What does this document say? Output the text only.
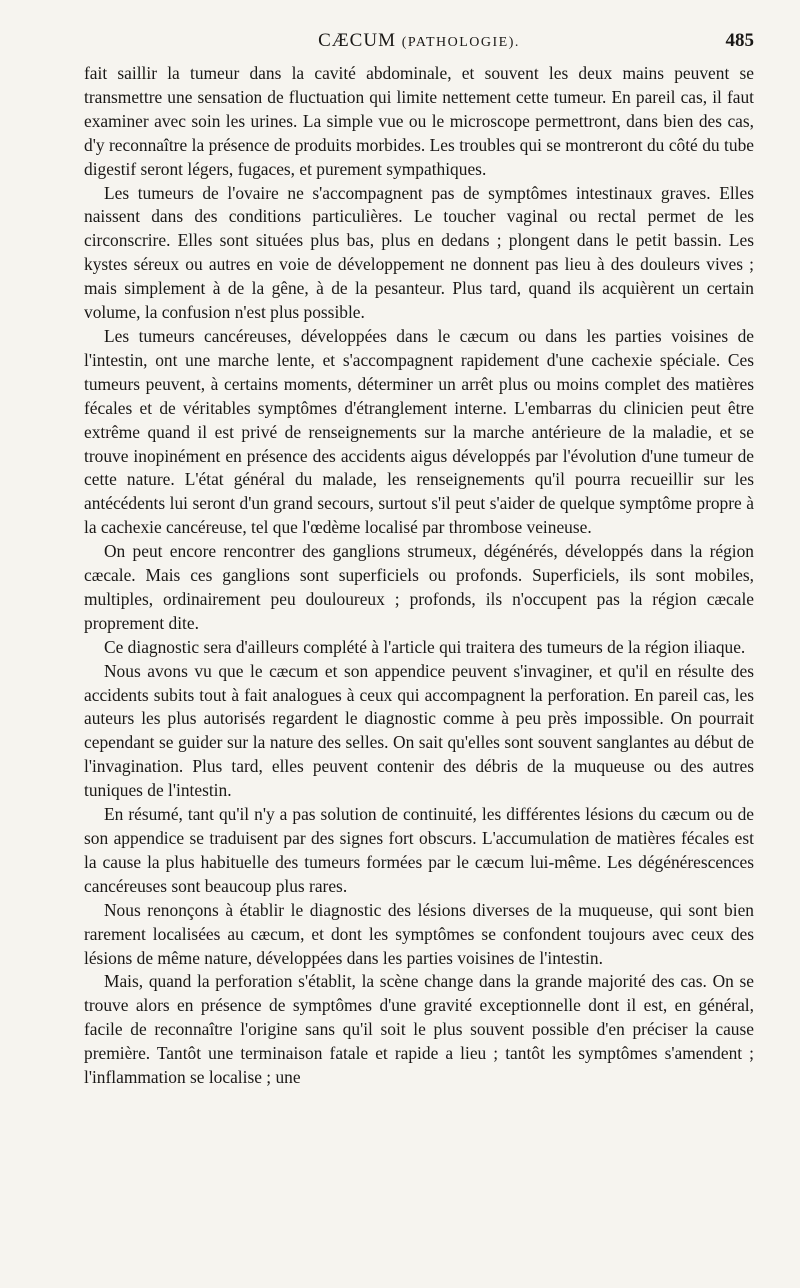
CÆCUM (PATHOLOGIE).	485

fait saillir la tumeur dans la cavité abdominale, et souvent les deux mains peuvent se transmettre une sensation de fluctuation qui limite nettement cette tumeur. En pareil cas, il faut examiner avec soin les urines. La simple vue ou le microscope permettront, dans bien des cas, d'y reconnaître la présence de produits morbides. Les troubles qui se montreront du côté du tube digestif seront légers, fugaces, et purement sympathiques.

Les tumeurs de l'ovaire ne s'accompagnent pas de symptômes intestinaux graves. Elles naissent dans des conditions particulières. Le toucher vaginal ou rectal permet de les circonscrire. Elles sont situées plus bas, plus en dedans ; plongent dans le petit bassin. Les kystes séreux ou autres en voie de développement ne donnent pas lieu à des douleurs vives ; mais simplement à de la gêne, à de la pesanteur. Plus tard, quand ils acquièrent un certain volume, la confusion n'est plus possible.

Les tumeurs cancéreuses, développées dans le cæcum ou dans les parties voisines de l'intestin, ont une marche lente, et s'accompagnent rapidement d'une cachexie spéciale. Ces tumeurs peuvent, à certains moments, déterminer un arrêt plus ou moins complet des matières fécales et de véritables symptômes d'étranglement interne. L'embarras du clinicien peut être extrême quand il est privé de renseignements sur la marche antérieure de la maladie, et se trouve inopinément en présence des accidents aigus développés par l'évolution d'une tumeur de cette nature. L'état général du malade, les renseignements qu'il pourra recueillir sur les antécédents lui seront d'un grand secours, surtout s'il peut s'aider de quelque symptôme propre à la cachexie cancéreuse, tel que l'œdème localisé par thrombose veineuse.

On peut encore rencontrer des ganglions strumeux, dégénérés, développés dans la région cæcale. Mais ces ganglions sont superficiels ou profonds. Superficiels, ils sont mobiles, multiples, ordinairement peu douloureux ; profonds, ils n'occupent pas la région cæcale proprement dite.

Ce diagnostic sera d'ailleurs complété à l'article qui traitera des tumeurs de la région iliaque.

Nous avons vu que le cæcum et son appendice peuvent s'invaginer, et qu'il en résulte des accidents subits tout à fait analogues à ceux qui accompagnent la perforation. En pareil cas, les auteurs les plus autorisés regardent le diagnostic comme à peu près impossible. On pourrait cependant se guider sur la nature des selles. On sait qu'elles sont souvent sanglantes au début de l'invagination. Plus tard, elles peuvent contenir des débris de la muqueuse ou des autres tuniques de l'intestin.

En résumé, tant qu'il n'y a pas solution de continuité, les différentes lésions du cæcum ou de son appendice se traduisent par des signes fort obscurs. L'accumulation de matières fécales est la cause la plus habituelle des tumeurs formées par le cæcum lui-même. Les dégénérescences cancéreuses sont beaucoup plus rares.

Nous renonçons à établir le diagnostic des lésions diverses de la muqueuse, qui sont bien rarement localisées au cæcum, et dont les symptômes se confondent toujours avec ceux des lésions de même nature, développées dans les parties voisines de l'intestin.

Mais, quand la perforation s'établit, la scène change dans la grande majorité des cas. On se trouve alors en présence de symptômes d'une gravité exceptionnelle dont il est, en général, facile de reconnaître l'origine sans qu'il soit le plus souvent possible d'en préciser la cause première. Tantôt une terminaison fatale et rapide a lieu ; tantôt les symptômes s'amendent ; l'inflammation se localise ; une
